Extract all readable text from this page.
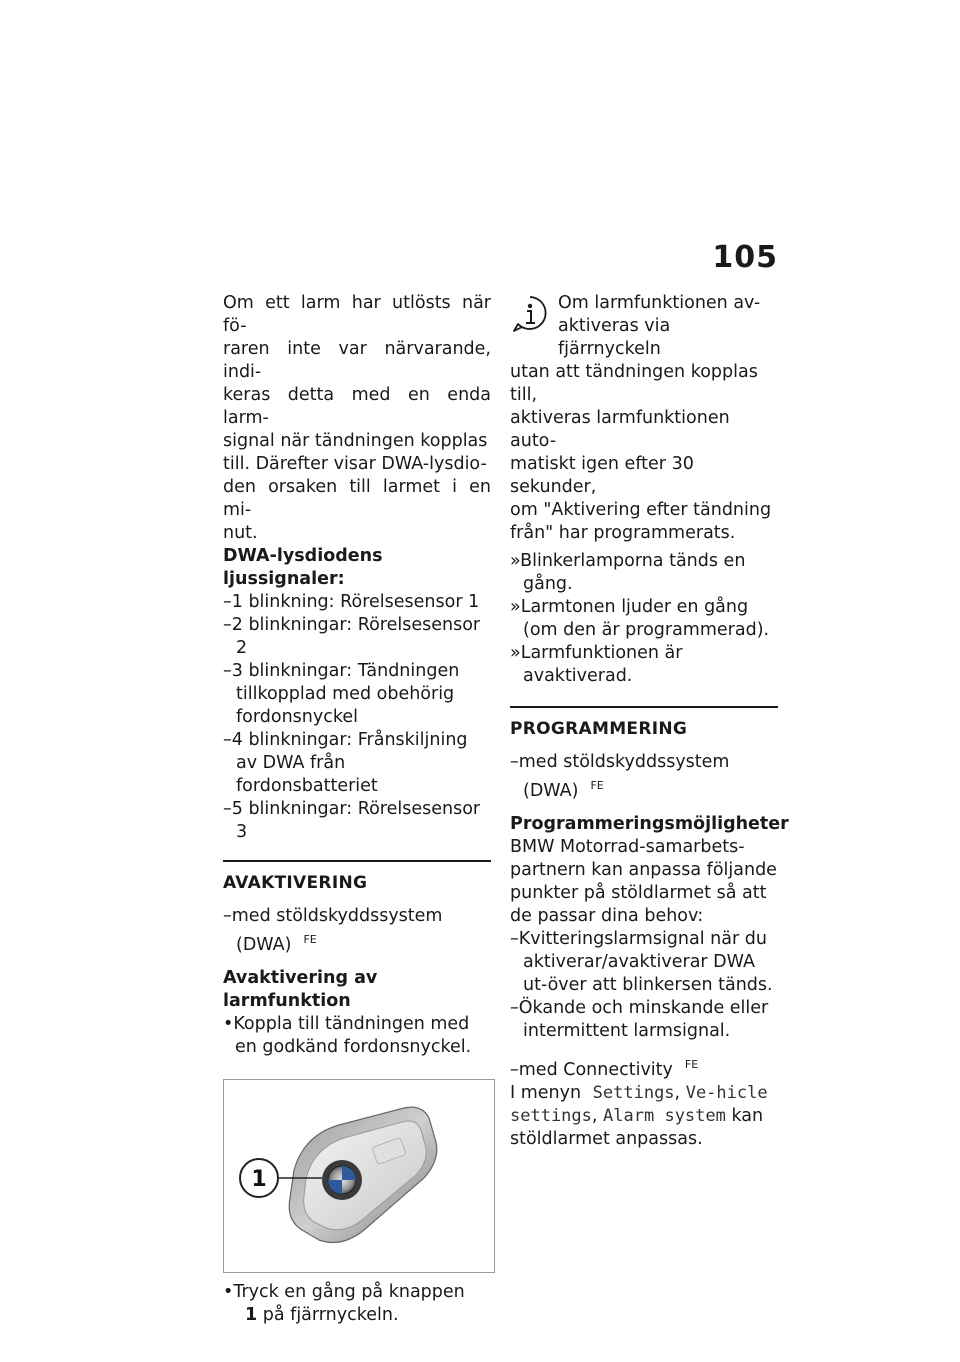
105

Om ett larm har utlösts när fö-
raren inte var närvarande, indi-
keras detta med en enda larm-
signal när tändningen kopplas
till. Därefter visar DWA-lysdio-
den orsaken till larmet i en mi-
nut.

DWA-lysdiodens ljussignaler:

–1 blinkning: Rörelsesensor 1

–2 blinkningar: Rörelsesensor 2

–3 blinkningar: Tändningen tillkopplad med obehörig fordonsnyckel

–4 blinkningar: Frånskiljning av DWA från fordonsbatteriet

–5 blinkningar: Rörelsesensor 3

AVAKTIVERING

–med stöldskyddssystem (DWA) $^{FE}$

Avaktivering av larmfunktion

•Koppla till tändningen med en godkänd fordonsnyckel.

1

•Tryck en gång på knappen 1 på fjärrnyckeln.

Om larmfunktionen av-

aktiveras via fjärrnyckeln

utan att tändningen kopplas till,

aktiveras larmfunktionen auto-

matiskt igen efter 30 sekunder,

om "Aktivering efter tändning

från" har programmerats.

»Blinkerlamporna tänds en gång.

»Larmtonen ljuder en gång (om den är programmerad).

»Larmfunktionen är avaktiverad.

PROGRAMMERING

–med stöldskyddssystem (DWA) $^{FE}$

Programmeringsmöjligheter

BMW Motorrad-samarbets-
partnern kan anpassa följande
punkter på stöldlarmet så att
de passar dina behov:

–Kvitteringslarmsignal när du aktiverar/avaktiverar DWA ut-över att blinkersen tänds.

–Ökande och minskande eller intermittent larmsignal.

–med Connectivity $^{FE}$

I menyn Settings, Ve-hicle settings, Alarm system kan stöldlarmet anpassas.
